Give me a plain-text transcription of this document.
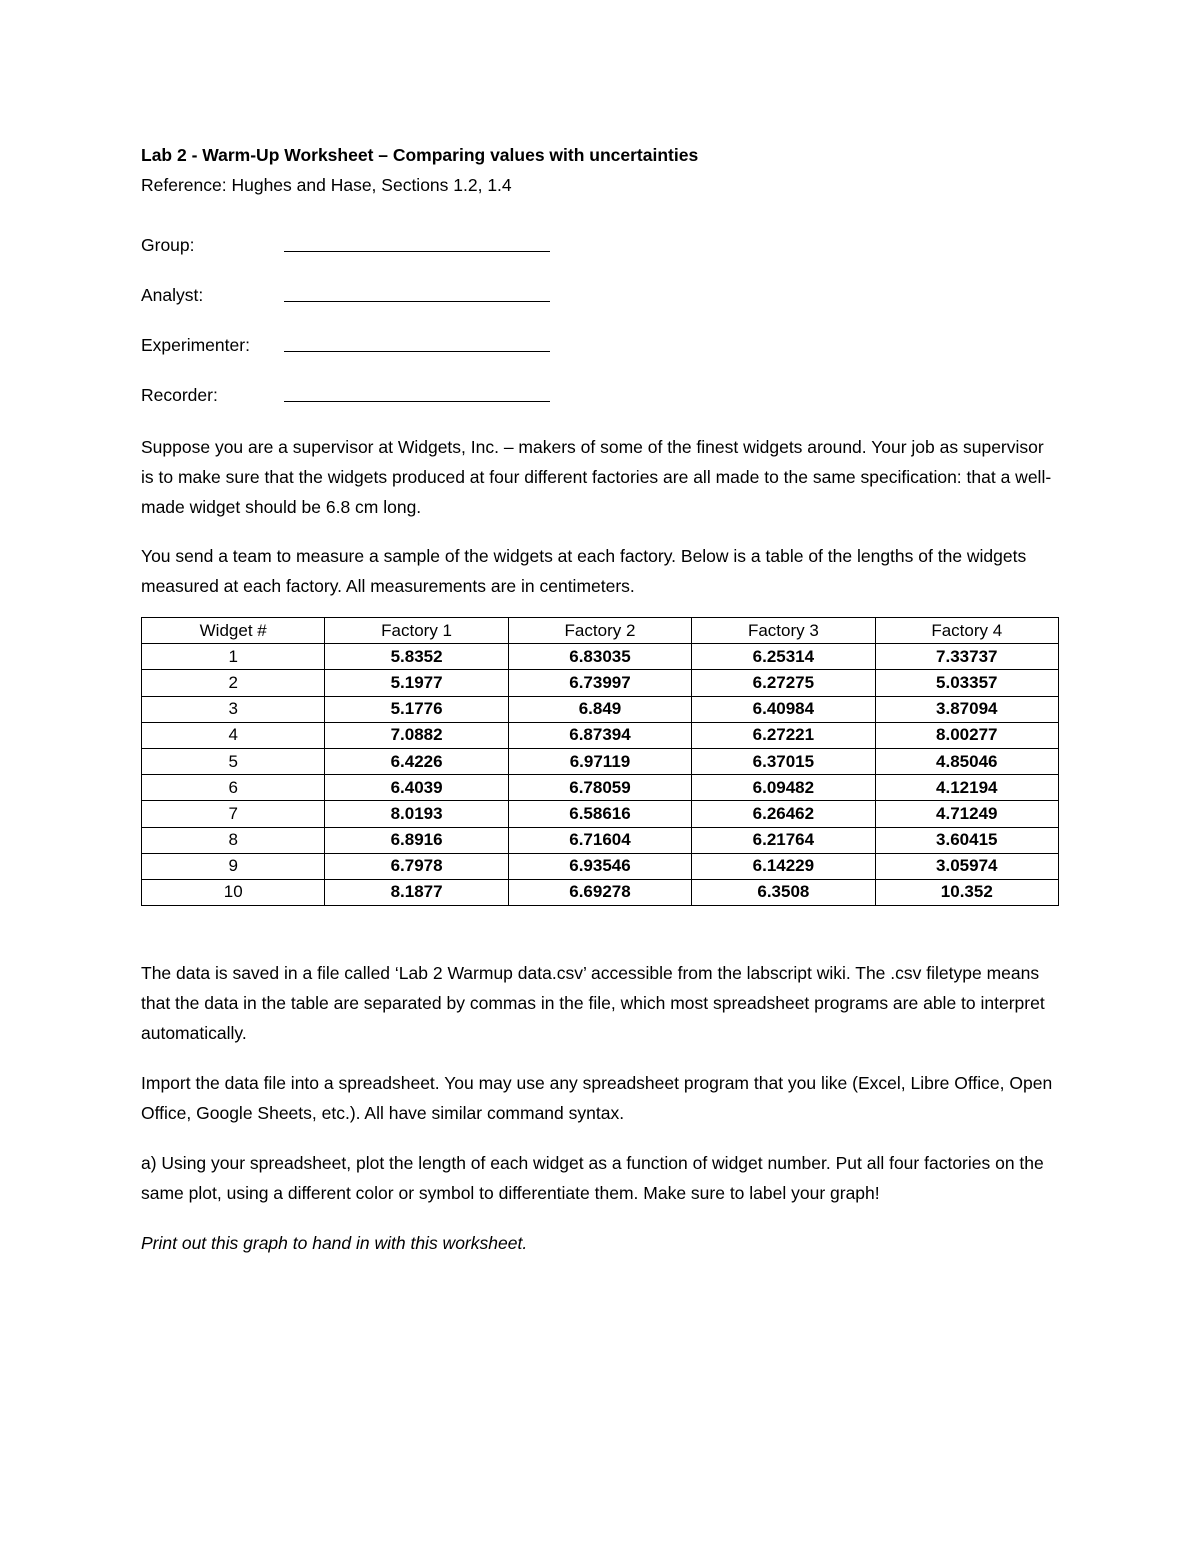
Lab 2 - Warm-Up Worksheet – Comparing values with uncertainties

Reference: Hughes and Hase, Sections 1.2, 1.4

Group:
Analyst:
Experimenter:
Recorder:

Suppose you are a supervisor at Widgets, Inc. – makers of some of the finest widgets around. Your job as supervisor is to make sure that the widgets produced at four different factories are all made to the same specification: that a well-made widget should be 6.8 cm long.

You send a team to measure a sample of the widgets at each factory. Below is a table of the lengths of the widgets measured at each factory. All measurements are in centimeters.

Widget #	Factory 1	Factory 2	Factory 3	Factory 4
1	5.8352	6.83035	6.25314	7.33737
2	5.1977	6.73997	6.27275	5.03357
3	5.1776	6.849	6.40984	3.87094
4	7.0882	6.87394	6.27221	8.00277
5	6.4226	6.97119	6.37015	4.85046
6	6.4039	6.78059	6.09482	4.12194
7	8.0193	6.58616	6.26462	4.71249
8	6.8916	6.71604	6.21764	3.60415
9	6.7978	6.93546	6.14229	3.05974
10	8.1877	6.69278	6.3508	10.352

The data is saved in a file called ‘Lab 2 Warmup data.csv’ accessible from the labscript wiki. The .csv filetype means that the data in the table are separated by commas in the file, which most spreadsheet programs are able to interpret automatically.

Import the data file into a spreadsheet. You may use any spreadsheet program that you like (Excel, Libre Office, Open Office, Google Sheets, etc.). All have similar command syntax.

a) Using your spreadsheet, plot the length of each widget as a function of widget number. Put all four factories on the same plot, using a different color or symbol to differentiate them. Make sure to label your graph!

Print out this graph to hand in with this worksheet.
